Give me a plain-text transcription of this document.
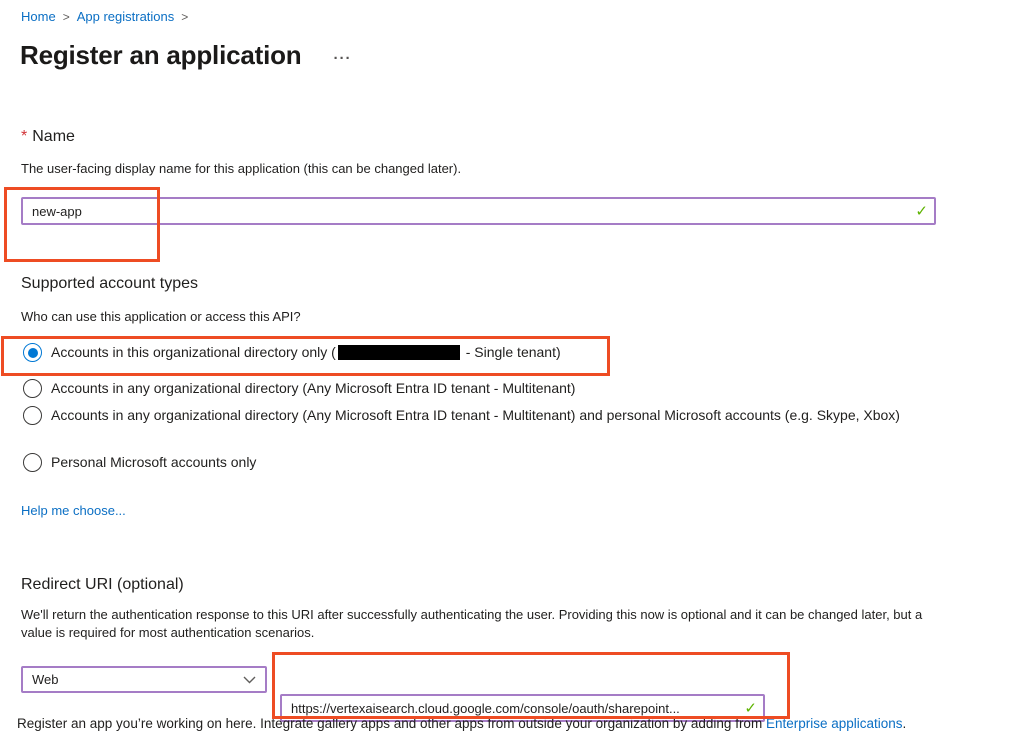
Home > App registrations >
Register an application ···
* Name
The user-facing display name for this application (this can be changed later).
new-app
✓
Supported account types
Who can use this application or access this API?
Accounts in this organizational directory only (	- Single tenant)
Accounts in any organizational directory (Any Microsoft Entra ID tenant - Multitenant)
Accounts in any organizational directory (Any Microsoft Entra ID tenant - Multitenant) and personal Microsoft accounts (e.g. Skype, Xbox)
Personal Microsoft accounts only
Help me choose...
Redirect URI (optional)
We'll return the authentication response to this URI after successfully authenticating the user. Providing this now is optional and it can be changed later, but a value is required for most authentication scenarios.
Web
https://vertexaisearch.cloud.google.com/console/oauth/sharepoint...
✓
Register an app you’re working on here. Integrate gallery apps and other apps from outside your organization by adding from Enterprise applications.
